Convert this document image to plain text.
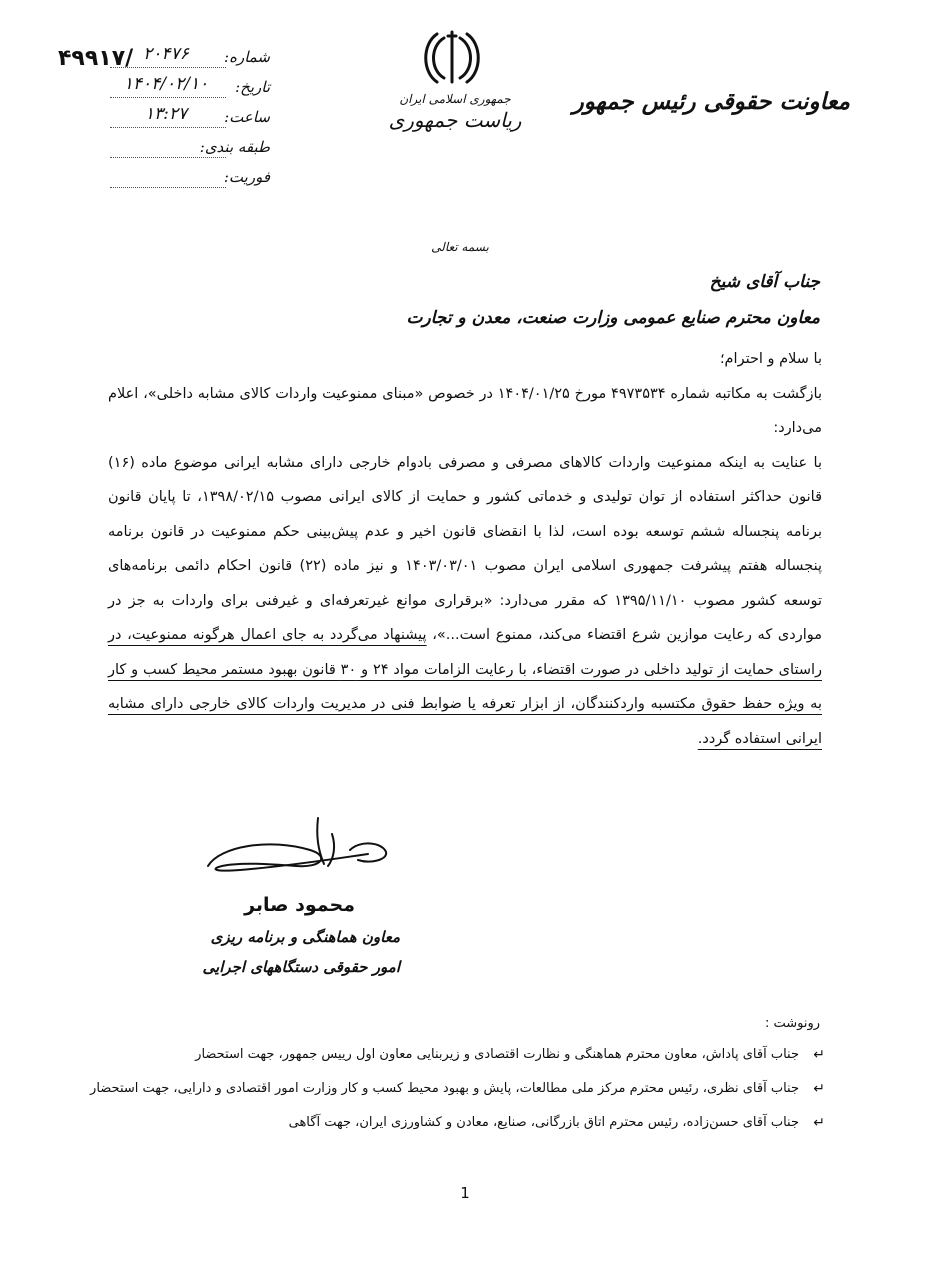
۴۹۹۱۷/	شماره:
۲۰۴۷۶
تاریخ:
۱۴۰۴/۰۲/۱۰
ساعت:
۱۳:۲۷
طبقه بندی:
فوریت:
جمهوری اسلامی ایران
ریاست جمهوری
معاونت حقوقی رئیس جمهور
بسمه تعالی
جناب آقای شیخ
معاون محترم صنایع عمومی وزارت صنعت، معدن و تجارت

با سلام و احترام؛

بازگشت به مکاتبه شماره ۴۹۷۳۵۳۴ مورخ ۱۴۰۴/۰۱/۲۵ در خصوص «مبنای ممنوعیت واردات کالای مشابه داخلی»، اعلام می‌دارد:

با عنایت به اینکه ممنوعیت واردات کالاهای مصرفی و مصرفی بادوام خارجی دارای مشابه ایرانی موضوع ماده (۱۶) قانون حداکثر استفاده از توان تولیدی و خدماتی کشور و حمایت از کالای ایرانی مصوب ۱۳۹۸/۰۲/۱۵، تا پایان قانون برنامه پنجساله ششم توسعه بوده است، لذا با انقضای قانون اخیر و عدم پیش‌بینی حکم ممنوعیت در قانون برنامه پنجساله هفتم پیشرفت جمهوری اسلامی ایران مصوب ۱۴۰۳/۰۳/۰۱ و نیز ماده (۲۲) قانون احکام دائمی برنامه‌های توسعه کشور مصوب ۱۳۹۵/۱۱/۱۰ که مقرر می‌دارد: «برقراری موانع غیرتعرفه‌ای و غیرفنی برای واردات به جز در مواردی که رعایت موازین شرع اقتضاء می‌کند، ممنوع است...»، پیشنهاد می‌گردد به جای اعمال هرگونه ممنوعیت، در راستای حمایت از تولید داخلی در صورت اقتضاء، با رعایت الزامات مواد ۲۴ و ۳۰ قانون بهبود مستمر محیط کسب و کار به ویژه حفظ حقوق مکتسبه واردکنندگان، از ابزار تعرفه یا ضوابط فنی در مدیریت واردات کالای خارجی دارای مشابه ایرانی استفاده گردد.

محمود صابر
معاون هماهنگی و برنامه ریزی
امور حقوقی دستگاههای اجرایی
رونوشت :
↵
جناب آقای پاداش، معاون محترم هماهنگی و نظارت اقتصادی و زیربنایی معاون اول رییس جمهور، جهت استحضار
↵
جناب آقای نظری، رئیس محترم مرکز ملی مطالعات، پایش و بهبود محیط کسب و کار وزارت امور اقتصادی و دارایی، جهت استحضار
↵
جناب آقای حسن‌زاده، رئیس محترم اتاق بازرگانی، صنایع، معادن و کشاورزی ایران، جهت آگاهی
1
